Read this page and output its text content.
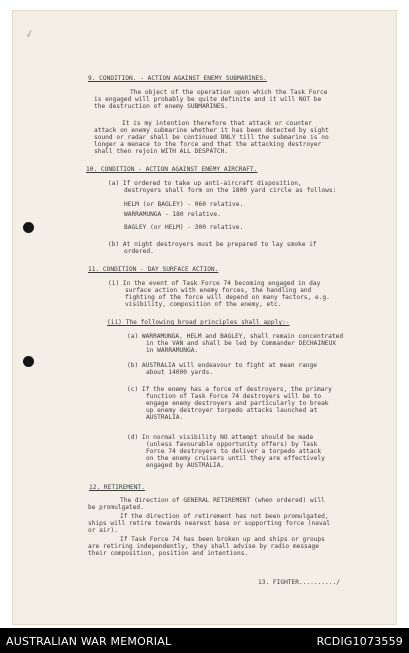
✓
9. CONDITION. - ACTION AGAINST ENEMY SUBMARINES.
The object of the operation upon which the Task Force
is engaged will probably be quite definite and it will NOT be
the destruction of enemy SUBMARINES.
It is my intention therefore that attack or counter
attack on enemy submarine whether it has been detected by sight
sound or radar shall be continued ONLY till the submarine is no
longer a menace to the force and that the attacking destroyer
shall then rejoin WITH ALL DESPATCH.
10. CONDITION - ACTION AGAINST ENEMY AIRCRAFT.
(a) If ordered to take up anti-aircraft disposition,
destroyers shall form on the 1800 yard circle as follows:
HELM (or BAGLEY) - 060 relative.
WARRAMUNGA - 180 relative.
BAGLEY (or HELM) - 300 relative.
(b) At night destroyers must be prepared to lay smoke if
ordered.
11. CONDITION - DAY SURFACE ACTION.
(i) In the event of Task Force 74 becoming engaged in day
surface action with enemy forces, the handling and
fighting of the force will depend on many factors, e.g.
visibility, composition of the enemy, etc.
(ii) The following broad principles shall apply:-
(a) WARRAMUNGA, HELM and BAGLEY, shall remain concentrated
in the VAN and shall be led by Commander DECHAINEUX
in WARRAMUNGA.
(b) AUSTRALIA will endeavour to fight at mean range
about 14000 yards.
(c) If the enemy has a force of destroyers, the primary
function of Task Force 74 destroyers will be to
engage enemy destroyers and particularly to break
up enemy destroyer torpedo attacks launched at
AUSTRALIA.
(d) In normal visibility NO attempt should be made
(unless favourable opportunity offers) by Task
Force 74 destroyers to deliver a torpedo attack
on the enemy cruisers until they are effectively
engaged by AUSTRALIA.
12. RETIREMENT.
The direction of GENERAL RETIREMENT (when ordered) will
be promulgated.
If the direction of retirement has not been promulgated,
ships will retire towards nearest base or supporting force (naval
or air).
If Task Force 74 has been broken up and ships or groups
are retiring independently, they shall advise by radio message
their composition, position and intentions.
13. FIGHTER........../
AUSTRALIAN WAR MEMORIAL	RCDIG1073559
